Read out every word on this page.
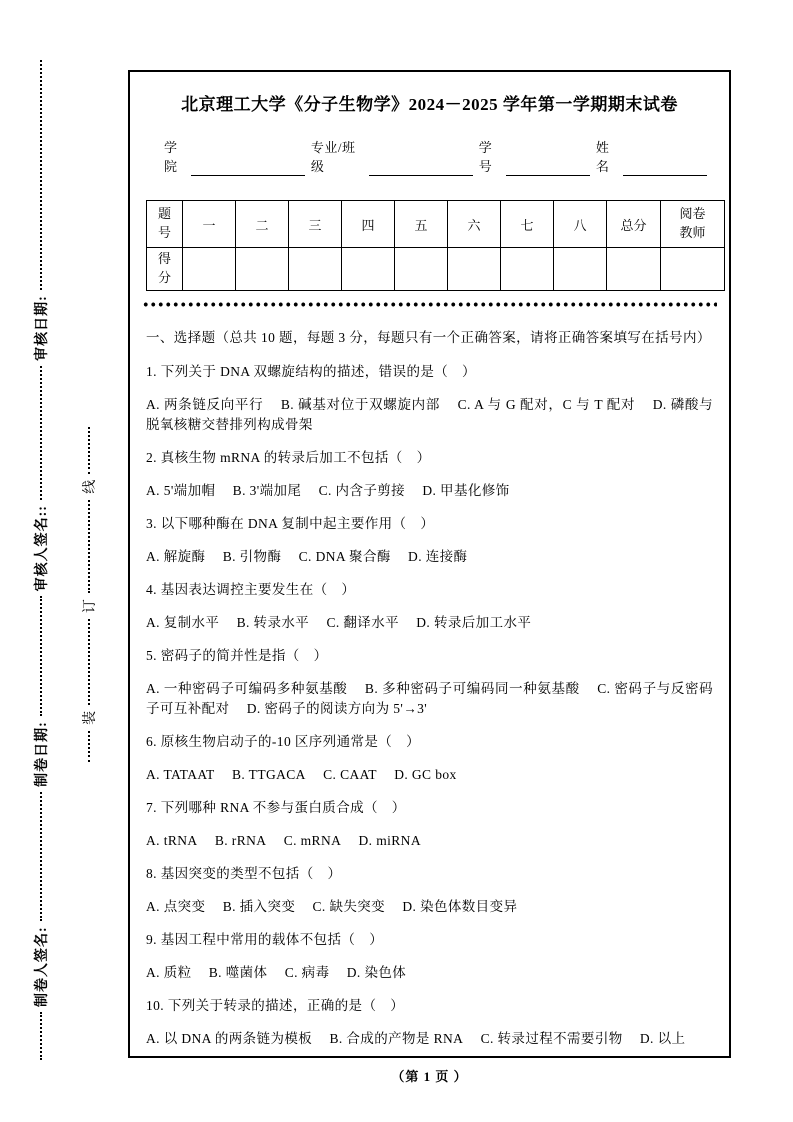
制卷人签名:
制卷日期:
审核人签名::
审核日期:
装
订
线
北京理工大学《分子生物学》2024－2025 学年第一学期期末试卷
学院
专业/班级
学号
姓名
题号	一	二	三	四	五	六	七	八	总分	阅卷教师
得分										

一、选择题（总共 10 题，每题 3 分，每题只有一个正确答案，请将正确答案填写在括号内）

1. 下列关于 DNA 双螺旋结构的描述，错误的是（　）

A. 两条链反向平行 B. 碱基对位于双螺旋内部 C. A 与 G 配对，C 与 T 配对 D. 磷酸与脱氧核糖交替排列构成骨架

2. 真核生物 mRNA 的转录后加工不包括（　）

A. 5'端加帽 B. 3'端加尾 C. 内含子剪接 D. 甲基化修饰

3. 以下哪种酶在 DNA 复制中起主要作用（　）

A. 解旋酶 B. 引物酶 C. DNA 聚合酶 D. 连接酶

4. 基因表达调控主要发生在（　）

A. 复制水平 B. 转录水平 C. 翻译水平 D. 转录后加工水平

5. 密码子的简并性是指（　）

A. 一种密码子可编码多种氨基酸 B. 多种密码子可编码同一种氨基酸 C. 密码子与反密码子可互补配对 D. 密码子的阅读方向为 5'→3'

6. 原核生物启动子的-10 区序列通常是（　）

A. TATAAT B. TTGACA C. CAAT D. GC box

7. 下列哪种 RNA 不参与蛋白质合成（　）

A. tRNA B. rRNA C. mRNA D. miRNA

8. 基因突变的类型不包括（　）

A. 点突变 B. 插入突变 C. 缺失突变 D. 染色体数目变异

9. 基因工程中常用的载体不包括（　）

A. 质粒 B. 噬菌体 C. 病毒 D. 染色体

10. 下列关于转录的描述，正确的是（　）

A. 以 DNA 的两条链为模板 B. 合成的产物是 RNA C. 转录过程不需要引物 D. 以上

（第 1 页 ）
